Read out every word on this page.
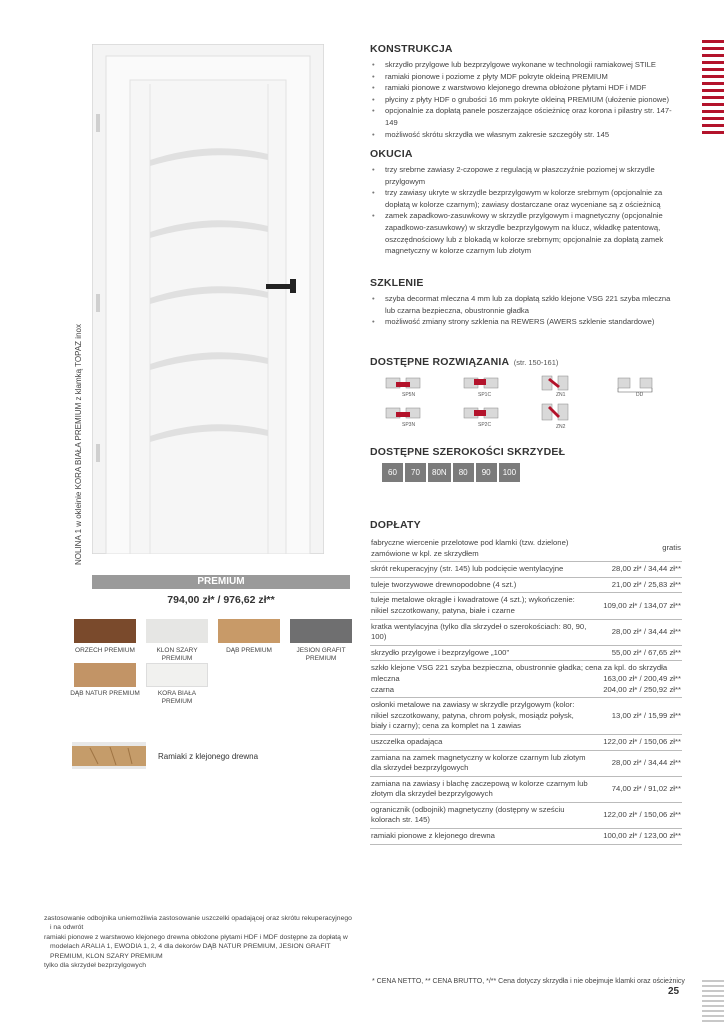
NOLINA 1 w okleinie KORA BIAŁA PREMIUM z klamką TOPAZ inox
PREMIUM
794,00 zł* / 976,62 zł**
ORZECH PREMIUM	KLON SZARY PREMIUM
DĄB PREMIUM	JESION GRAFIT PREMIUM
DĄB NATUR PREMIUM	KORA BIAŁA PREMIUM
Ramiaki z klejonego drewna

zastosowanie odbojnika uniemożliwia zastosowanie uszczelki opadającej oraz skrótu rekuperacyjnego i na odwrót

ramiaki pionowe z warstwowo klejonego drewna obłożone płytami HDF i MDF dostępne za dopłatą w modelach ARALIA 1, EWODIA 1, 2, 4 dla dekorów DĄB NATUR PREMIUM, JESION GRAFIT PREMIUM, KLON SZARY PREMIUM

tylko dla skrzydeł bezprzylgowych

KONSTRUKCJA
• skrzydło przylgowe lub bezprzylgowe wykonane w technologii ramiakowej STILE
• ramiaki pionowe i poziome z płyty MDF pokryte okleiną PREMIUM
• ramiaki pionowe z warstwowo klejonego drewna obłożone płytami HDF i MDF
• płyciny z płyty HDF o grubości 16 mm pokryte okleiną PREMIUM (ułożenie pionowe)
• opcjonalnie za dopłatą panele poszerzające ościeżnicę oraz korona i pilastry str. 147-149
• możliwość skrótu skrzydła we własnym zakresie szczegóły str. 145
OKUCIA
• trzy srebrne zawiasy 2-czopowe z regulacją w płaszczyźnie poziomej w skrzydle przylgowym
• trzy zawiasy ukryte w skrzydle bezprzylgowym w kolorze srebrnym (opcjonalnie za dopłatą w kolorze czarnym); zawiasy dostarczane oraz wyceniane są z ościeżnicą
• zamek zapadkowo-zasuwkowy w skrzydle przylgowym i magnetyczny (opcjonalnie zapadkowo-zasuwkowy) w skrzydle bezprzylgowym na klucz, wkładkę patentową, oszczędnościowy lub z blokadą w kolorze srebrnym; opcjonalnie za dopłatą zamek magnetyczny w kolorze czarnym lub złotym
SZKLENIE
• szyba decormat mleczna 4 mm lub za dopłatą szkło klejone VSG 221 szyba mleczna lub czarna bezpieczna, obustronnie gładka
• możliwość zmiany strony szklenia na REWERS (AWERS szklenie standardowe)
DOSTĘPNE ROZWIĄZANIA (str. 150-161)
SP5N	SP1C	ZN1	DD
SP3N	SP2C	ZN2
DOSTĘPNE SZEROKOŚCI SKRZYDEŁ
60	70	80N	80	90	100
DOPŁATY
fabryczne wiercenie przelotowe pod klamki (tzw. dzielone) zamówione w kpl. ze skrzydłem	gratis
skrót rekuperacyjny (str. 145) lub podcięcie wentylacyjne	28,00 zł* / 34,44 zł**
tuleje tworzywowe drewnopodobne (4 szt.)	21,00 zł* / 25,83 zł**
tuleje metalowe okrągłe i kwadratowe (4 szt.); wykończenie: nikiel szczotkowany, patyna, białe i czarne	109,00 zł* / 134,07 zł**
kratka wentylacyjna (tylko dla skrzydeł o szerokościach: 80, 90, 100)	28,00 zł* / 34,44 zł**
skrzydło przylgowe i bezprzylgowe „100”	55,00 zł* / 67,65 zł**

szkło klejone VSG 221 szyba bezpieczna, obustronnie gładka; cena za kpl. do skrzydła
mleczna 163,00 zł* / 200,49 zł**
czarna 204,00 zł* / 250,92 zł**	

osłonki metalowe na zawiasy w skrzydle przylgowym (kolor: nikiel szczotkowany, patyna, chrom połysk, mosiądz połysk, biały i czarny); cena za komplet na 1 zawias	13,00 zł* / 15,99 zł**
uszczelka opadająca	122,00 zł* / 150,06 zł**
zamiana na zamek magnetyczny w kolorze czarnym lub złotym dla skrzydeł bezprzylgowych	28,00 zł* / 34,44 zł**
zamiana na zawiasy i blachę zaczepową w kolorze czarnym lub złotym dla skrzydeł bezprzylgowych	74,00 zł* / 91,02 zł**
ogranicznik (odbojnik) magnetyczny (dostępny w sześciu kolorach str. 145)	122,00 zł* / 150,06 zł**
ramiaki pionowe z klejonego drewna	100,00 zł* / 123,00 zł**
* CENA NETTO, ** CENA BRUTTO, */** Cena dotyczy skrzydła i nie obejmuje klamki oraz ościeżnicy
25
